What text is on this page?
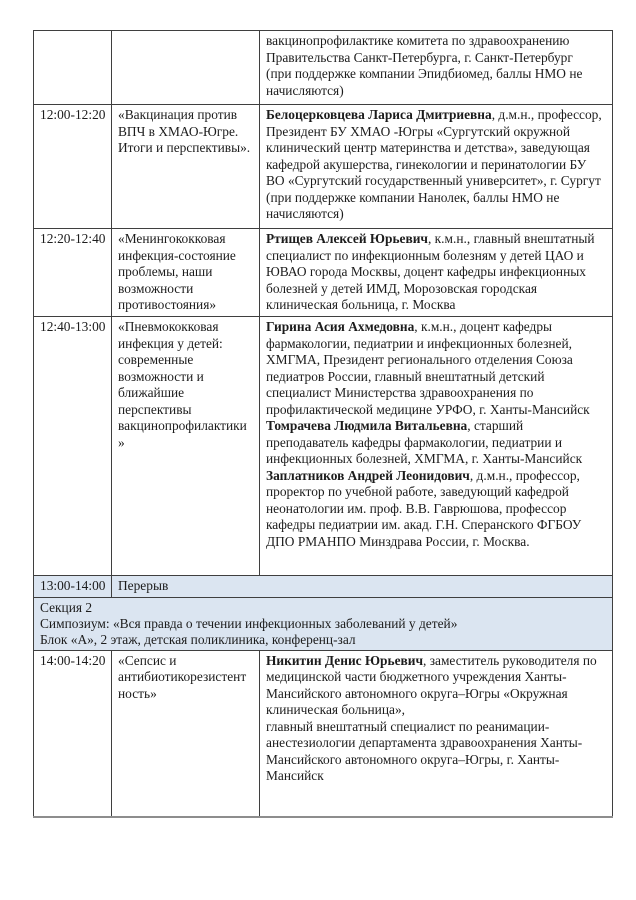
		вакцинопрофилактике комитета по здравоохранению Правительства Санкт-Петербурга, г. Санкт-Петербург

(при поддержке компании Эпидбиомед, баллы НМО не начисляются)

12:00-12:20	«Вакцинация против ВПЧ в ХМАО-Югре. Итоги и перспективы».	Белоцерковцева Лариса Дмитриевна, д.м.н., профессор, Президент БУ ХМАО -Югры «Сургутский окружной клинический центр материнства и детства», заведующая кафедрой акушерства, гинекологии и перинатологии БУ ВО «Сургутский государственный университет», г. Сургут

(при поддержке компании Нанолек, баллы НМО не начисляются)

12:20-12:40	«Менингококковая инфекция-состояние проблемы, наши возможности противостояния»	Ртищев Алексей Юрьевич, к.м.н., главный внештатный специалист по инфекционным болезням у детей ЦАО и ЮВАО города Москвы, доцент кафедры инфекционных болезней у детей ИМД, Морозовская городская клиническая больница, г. Москва

12:40-13:00	«Пневмококковая инфекция у детей: современные возможности и ближайшие перспективы вакцинопрофилактики»	Гирина Асия Ахмедовна, к.м.н., доцент кафедры фармакологии, педиатрии и инфекционных болезней, ХМГМА, Президент регионального отделения Союза педиатров России, главный внештатный детский специалист Министерства здравоохранения по профилактической медицине УРФО, г. Ханты-Мансийск

Томрачева Людмила Витальевна, старший преподаватель кафедры фармакологии, педиатрии и инфекционных болезней, ХМГМА, г. Ханты-Мансийск

Заплатников Андрей Леонидович, д.м.н., профессор, проректор по учебной работе, заведующий кафедрой неонатологии им. проф. В.В. Гаврюшова, профессор кафедры педиатрии им. акад. Г.Н. Сперанского ФГБОУ ДПО РМАНПО Минздрава России, г. Москва.

13:00-14:00	Перерыв	

Секция 2
Симпозиум: «Вся правда о течении инфекционных заболеваний у детей»
Блок «А», 2 этаж, детская поликлиника, конференц-зал		

14:00-14:20	«Сепсис и антибиотикорезистентность»	Никитин Денис Юрьевич, заместитель руководителя по медицинской части бюджетного учреждения Ханты-Мансийского автономного округа–Югры «Окружная клиническая больница»,

главный внештатный специалист по реанимации-анестезиологии департамента здравоохранения Ханты-Мансийского автономного округа–Югры, г. Ханты-Мансийск
